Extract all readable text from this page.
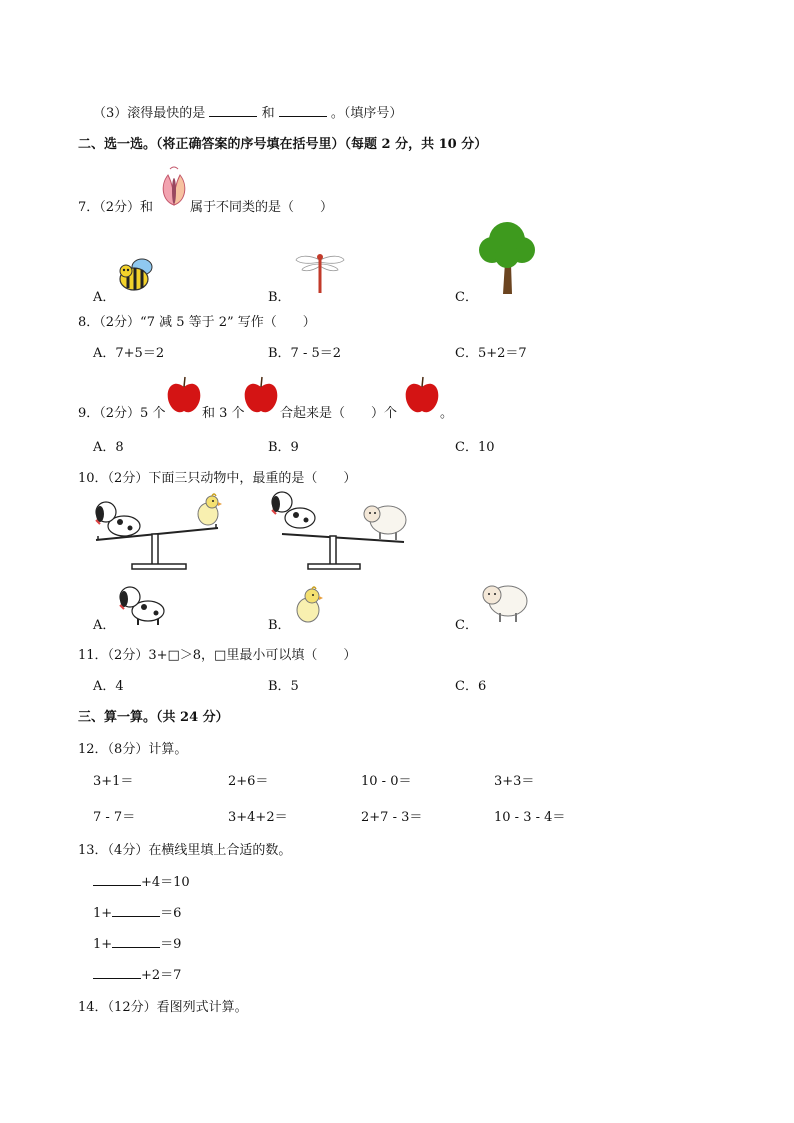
（3）滚得最快的是	和	。（填序号）
二、选一选。（将正确答案的序号填在括号里）（每题 2 分，共 10 分）
7．（2分）和	属于不同类的是（　　）
A．	B．	C．
8．（2分）“7 减 5 等于 2” 写作（　　）
A．7+5＝2	B．7 - 5＝2	C．5+2＝7
9．（2分）5 个	和 3 个	合起来是（　　）个	。
A．8	B．9	C．10
10．（2分）下面三只动物中，最重的是（　　）
A．	B．	C．
11．（2分）3+□＞8，□里最小可以填（　　）
A．4	B．5	C．6
三、算一算。（共 24 分）
12．（8分）计算。
3+1＝	2+6＝	10 - 0＝	3+3＝
7 - 7＝	3+4+2＝	2+7 - 3＝	10 - 3 - 4＝
13．（4分）在横线里填上合适的数。
+4＝10
1+	＝6
1+	＝9
+2＝7
14．（12分）看图列式计算。
